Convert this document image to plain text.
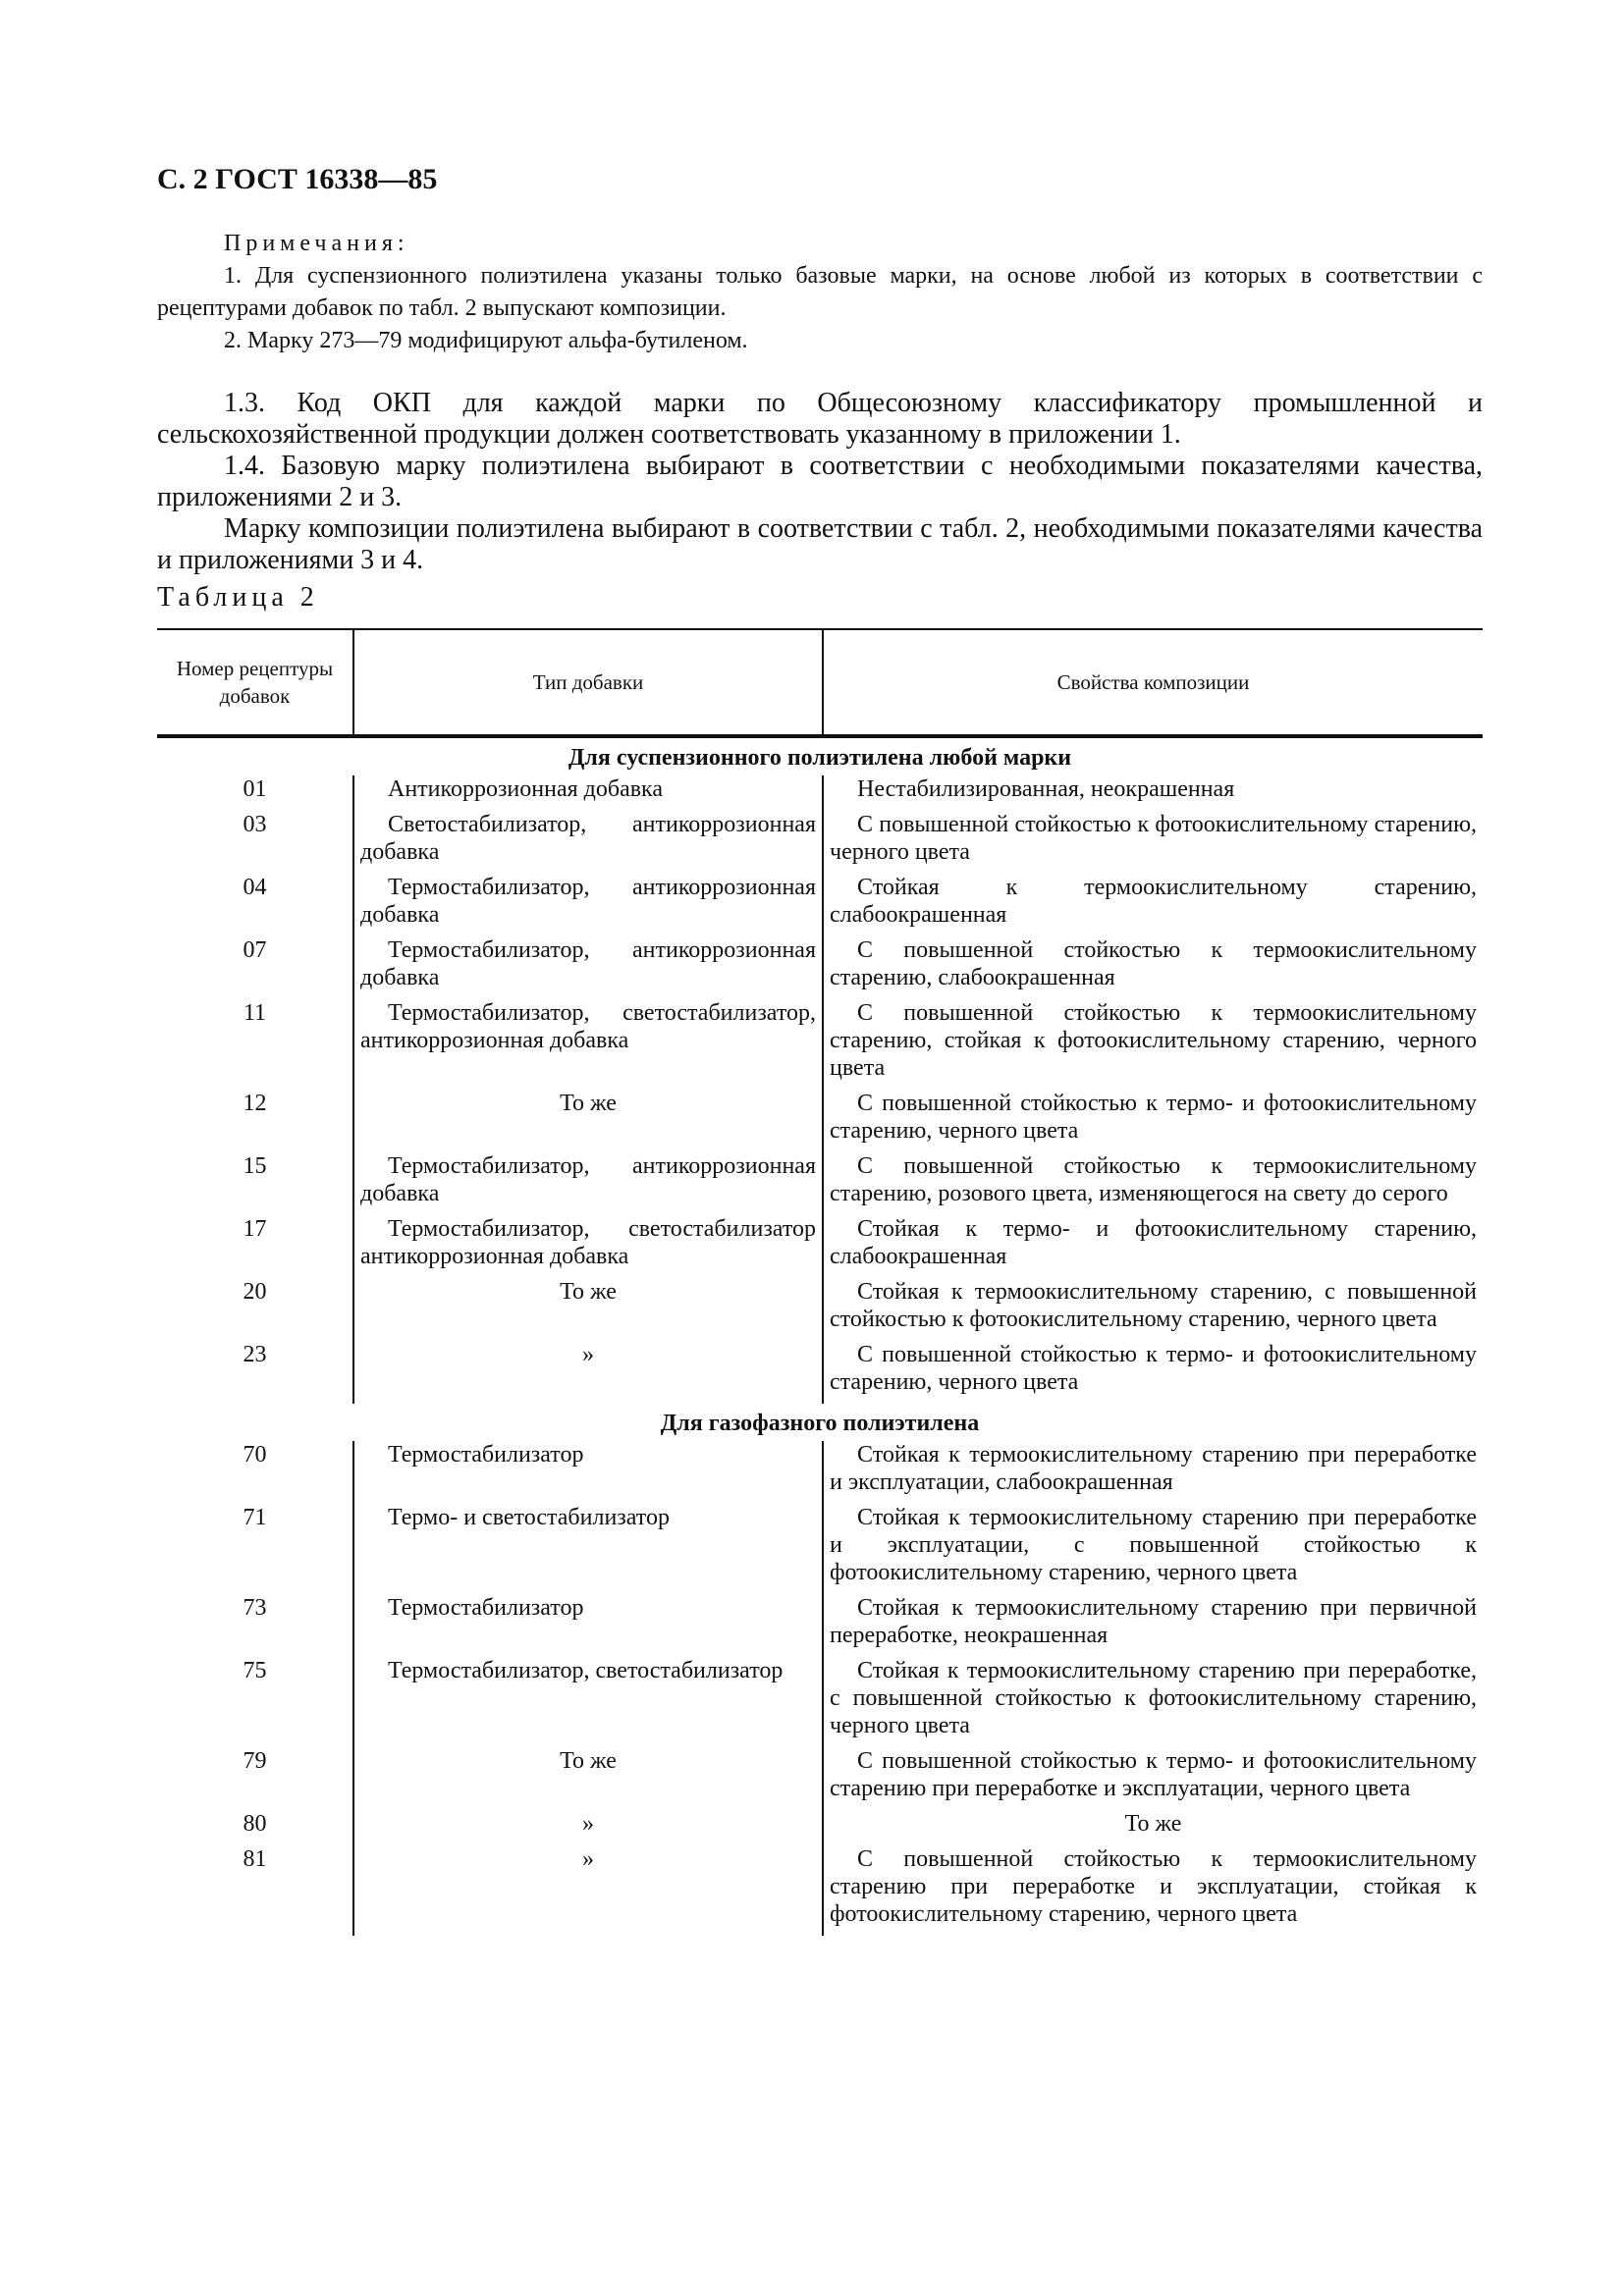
С. 2 ГОСТ 16338—85

Примечания:

1. Для суспензионного полиэтилена указаны только базовые марки, на основе любой из которых в соответствии с рецептурами добавок по табл. 2 выпускают композиции.

2. Марку 273—79 модифицируют альфа-бутиленом.

1.3. Код ОКП для каждой марки по Общесоюзному классификатору промышленной и сельскохозяйственной продукции должен соответствовать указанному в приложении 1.

1.4. Базовую марку полиэтилена выбирают в соответствии с необходимыми показателями качества, приложениями 2 и 3.

Марку композиции полиэтилена выбирают в соответствии с табл. 2, необходимыми показателями качества и приложениями 3 и 4.

Таблица 2

Номер рецептуры добавок	Тип добавки	Свойства композиции
Для суспензионного полиэтилена любой марки		
01	Антикоррозионная добавка	Нестабилизированная, неокрашенная
03	Светостабилизатор, антикоррозионная добавка	С повышенной стойкостью к фотоокислительному старению, черного цвета
04	Термостабилизатор, антикоррозионная добавка	Стойкая к термоокислительному старению, слабоокрашенная
07	Термостабилизатор, антикоррозионная добавка	С повышенной стойкостью к термоокислительному старению, слабоокрашенная
11	Термостабилизатор, светостабилизатор, антикоррозионная добавка	С повышенной стойкостью к термоокислительному старению, стойкая к фотоокислительному старению, черного цвета
12	То же	С повышенной стойкостью к термо- и фотоокислительному старению, черного цвета
15	Термостабилизатор, антикоррозионная добавка	С повышенной стойкостью к термоокислительному старению, розового цвета, изменяющегося на свету до серого
17	Термостабилизатор, светостабилизатор антикоррозионная добавка	Стойкая к термо- и фотоокислительному старению, слабоокрашенная
20	То же	Стойкая к термоокислительному старению, с повышенной стойкостью к фотоокислительному старению, черного цвета
23	»	С повышенной стойкостью к термо- и фотоокислительному старению, черного цвета
Для газофазного полиэтилена		
70	Термостабилизатор	Стойкая к термоокислительному старению при переработке и эксплуатации, слабоокрашенная
71	Термо- и светостабилизатор	Стойкая к термоокислительному старению при переработке и эксплуатации, с повышенной стойкостью к фотоокислительному старению, черного цвета
73	Термостабилизатор	Стойкая к термоокислительному старению при первичной переработке, неокрашенная
75	Термостабилизатор, светостабилизатор	Стойкая к термоокислительному старению при переработке, с повышенной стойкостью к фотоокислительному старению, черного цвета
79	То же	С повышенной стойкостью к термо- и фотоокислительному старению при переработке и эксплуатации, черного цвета
80	»	То же
81	»	С повышенной стойкостью к термоокислительному старению при переработке и эксплуатации, стойкая к фотоокислительному старению, черного цвета
